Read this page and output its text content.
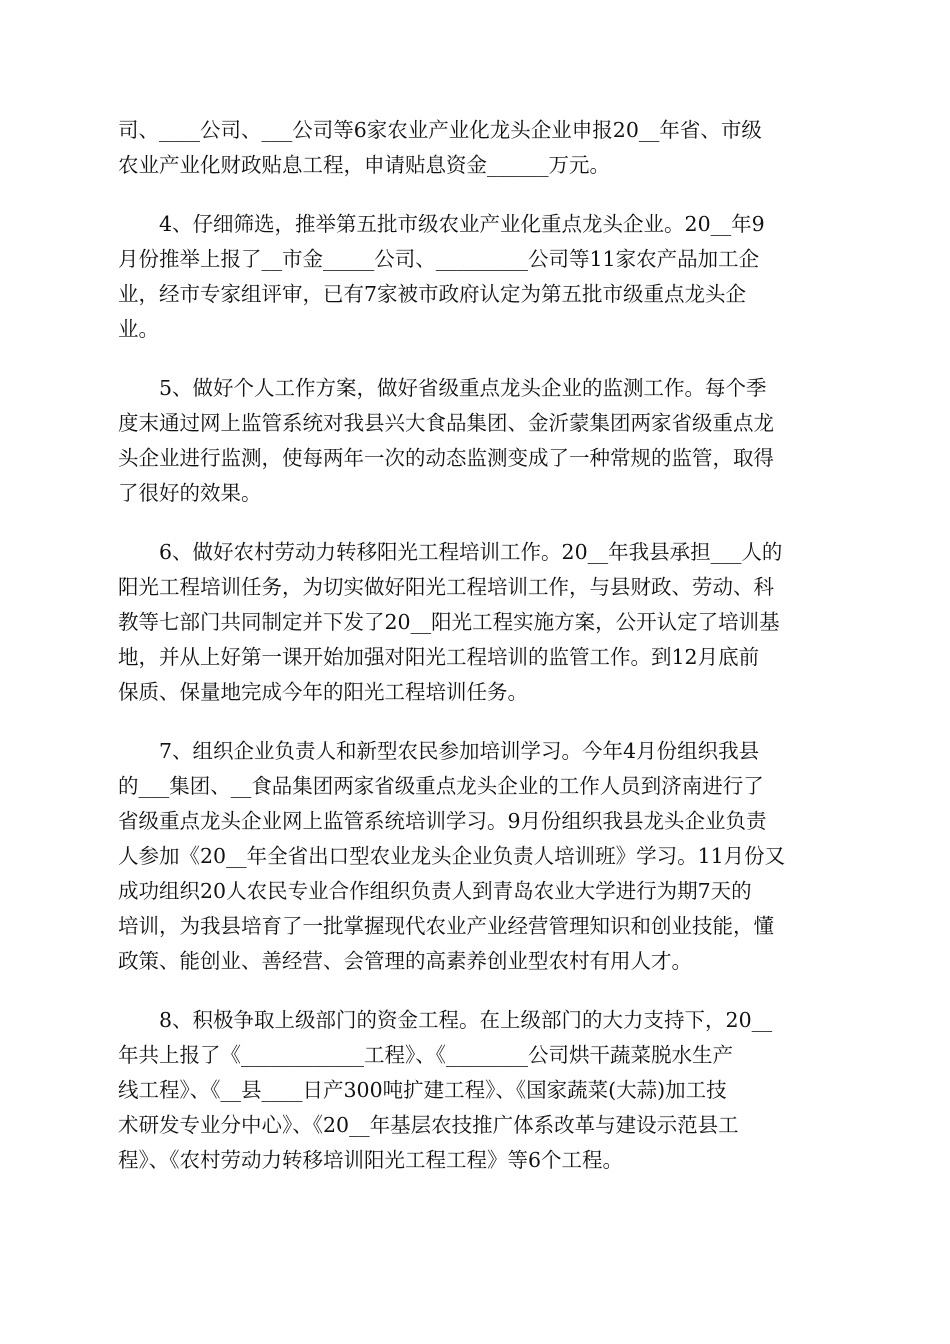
司、____公司、___公司等6家农业产业化龙头企业申报20__年省、市级
农业产业化财政贴息工程，申请贴息资金______万元。

4、仔细筛选，推举第五批市级农业产业化重点龙头企业。20__年9
月份推举上报了__市金_____公司、_________公司等11家农产品加工企
业，经市专家组评审，已有7家被市政府认定为第五批市级重点龙头企
业。

5、做好个人工作方案，做好省级重点龙头企业的监测工作。每个季
度末通过网上监管系统对我县兴大食品集团、金沂蒙集团两家省级重点龙
头企业进行监测，使每两年一次的动态监测变成了一种常规的监管，取得
了很好的效果。

6、做好农村劳动力转移阳光工程培训工作。20__年我县承担___人的
阳光工程培训任务，为切实做好阳光工程培训工作，与县财政、劳动、科
教等七部门共同制定并下发了20__阳光工程实施方案，公开认定了培训基
地，并从上好第一课开始加强对阳光工程培训的监管工作。到12月底前
保质、保量地完成今年的阳光工程培训任务。

7、组织企业负责人和新型农民参加培训学习。今年4月份组织我县
的___集团、__食品集团两家省级重点龙头企业的工作人员到济南进行了
省级重点龙头企业网上监管系统培训学习。9月份组织我县龙头企业负责
人参加《20__年全省出口型农业龙头企业负责人培训班》学习。11月份又
成功组织20人农民专业合作组织负责人到青岛农业大学进行为期7天的
培训，为我县培育了一批掌握现代农业产业经营管理知识和创业技能，懂
政策、能创业、善经营、会管理的高素养创业型农村有用人才。

8、积极争取上级部门的资金工程。在上级部门的大力支持下，20__
年共上报了《____________工程》、《________公司烘干蔬菜脱水生产
线工程》、《__县____日产300吨扩建工程》、《国家蔬菜(大蒜)加工技
术研发专业分中心》、《20__年基层农技推广体系改革与建设示范县工
程》、《农村劳动力转移培训阳光工程工程》等6个工程。
